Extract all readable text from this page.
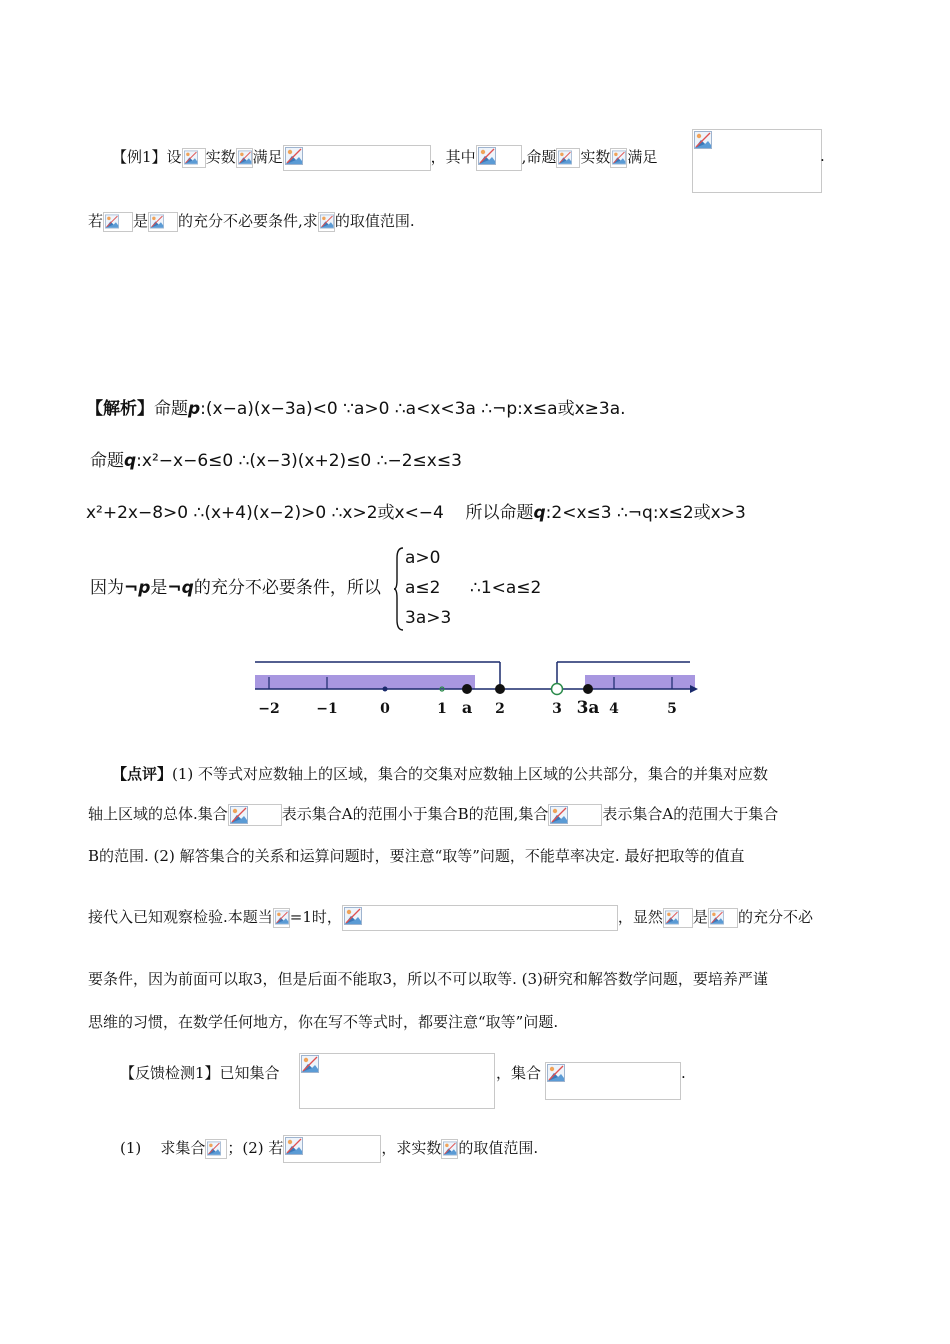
【例1】设 实数 满足	，其中	,命题 实数 满足	.
若 是 的充分不必要条件,求 的取值范围.
【解析】命题p:(x−a)(x−3a)<0 ∵a>0 ∴a<x<3a ∴¬p:x≤a或x≥3a.
命题q:x²−x−6≤0 ∴(x−3)(x+2)≤0 ∴−2≤x≤3
x²+2x−8>0 ∴(x+4)(x−2)>0 ∴x>2或x<−4 所以命题q:2<x≤3 ∴¬q:x≤2或x>3
因为¬p是¬q的充分不必要条件，所以
a>0
a≤2
3a>3
∴1<a≤2
−2	−1	0	1 a 2	3 3a 4	5
【点评】(1) 不等式对应数轴上的区域，集合的交集对应数轴上区域的公共部分，集合的并集对应数
轴上区域的总体.集合	表示集合A的范围小于集合B的范围,集合	表示集合A的范围大于集合
B的范围. (2) 解答集合的关系和运算问题时，要注意“取等”问题，不能草率决定. 最好把取等的值直
接代入已知观察检验.本题当 =1时，	，显然 是 的充分不必
要条件，因为前面可以取3，但是后面不能取3，所以不可以取等. (3)研究和解答数学问题，要培养严谨
思维的习惯，在数学任何地方，你在写不等式时，都要注意“取等”问题.
【反馈检测1】已知集合	，集合	.
(1) 求集合 ；(2) 若	，求实数 的取值范围.
